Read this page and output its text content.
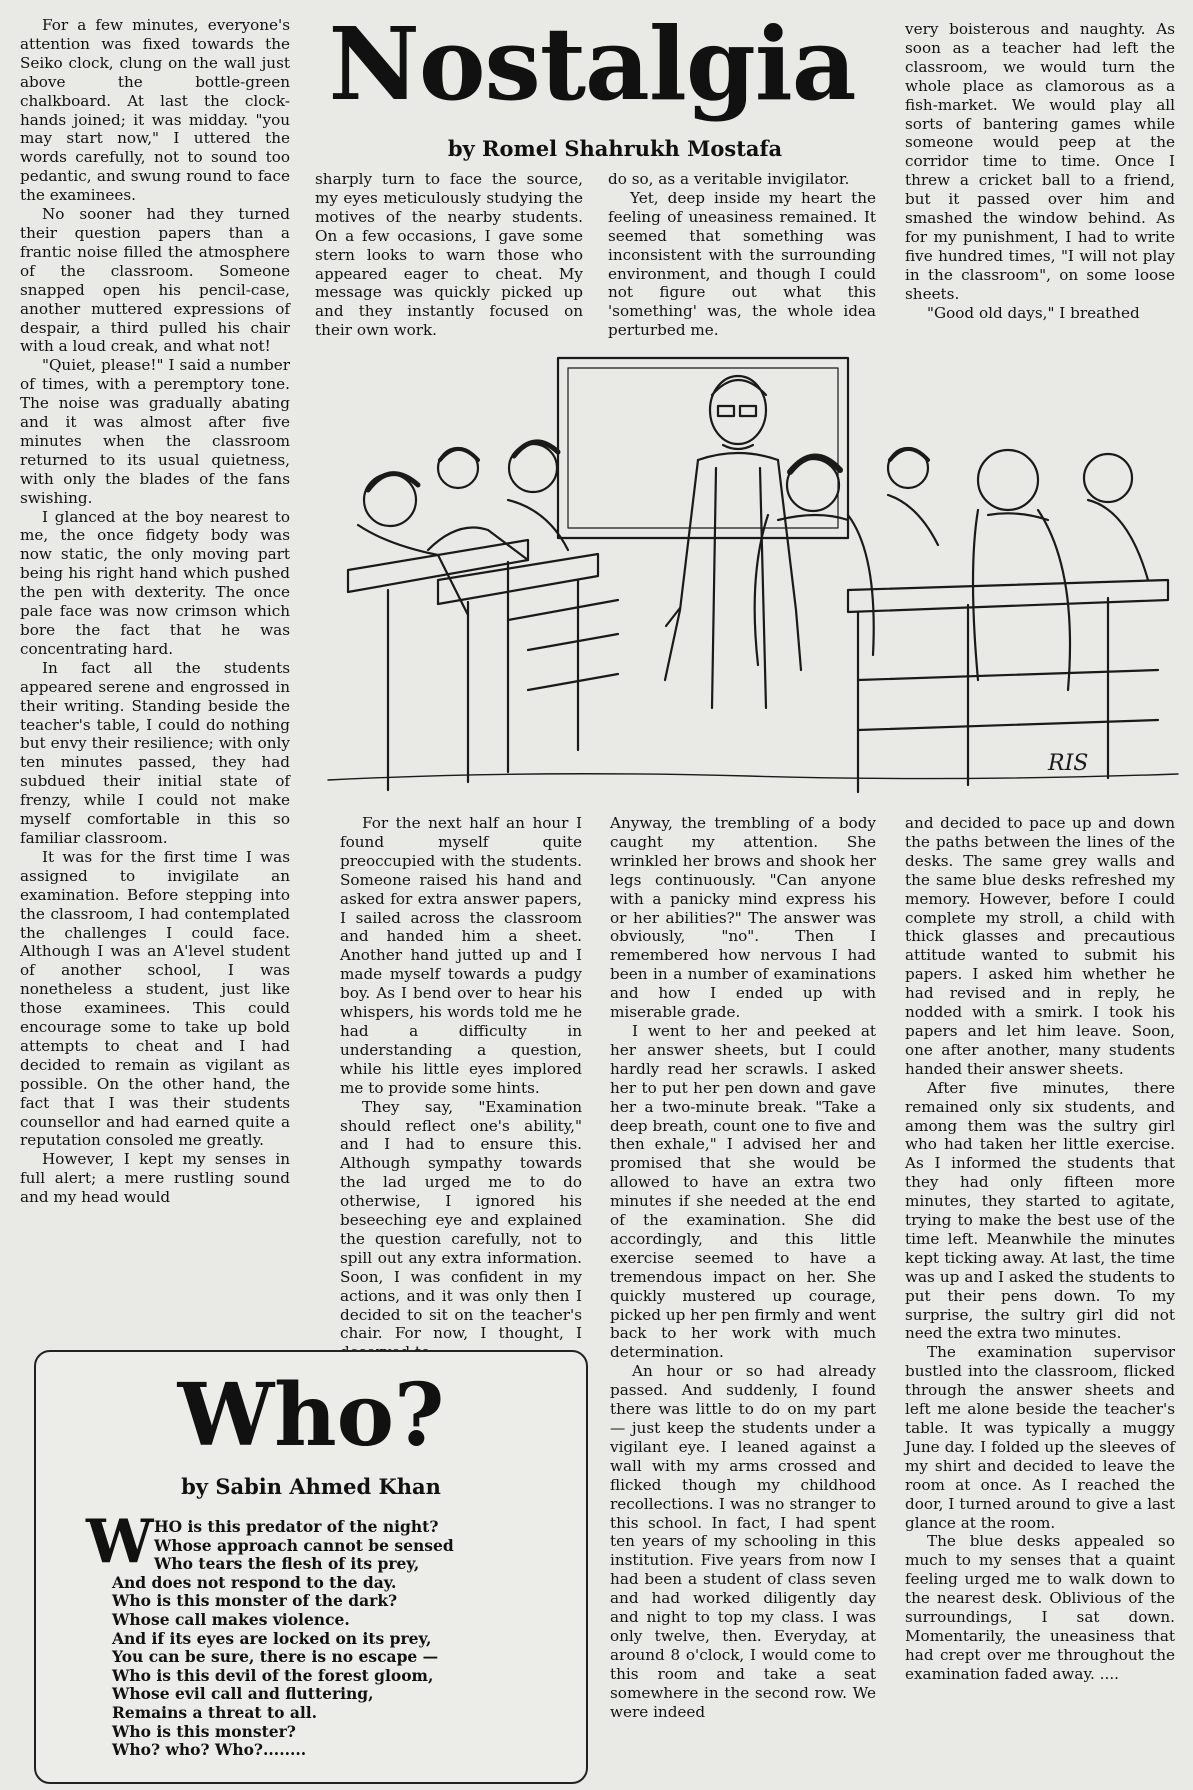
Nostalgia

by Romel Shahrukh Mostafa

For a few minutes, everyone's attention was fixed towards the Seiko clock, clung on the wall just above the bottle-green chalkboard. At last the clock-hands joined; it was midday. "you may start now," I uttered the words carefully, not to sound too pedantic, and swung round to face the examinees.

No sooner had they turned their question papers than a frantic noise filled the atmosphere of the classroom. Someone snapped open his pencil-case, another muttered expressions of despair, a third pulled his chair with a loud creak, and what not!

"Quiet, please!" I said a number of times, with a peremptory tone. The noise was gradually abating and it was almost after five minutes when the classroom returned to its usual quietness, with only the blades of the fans swishing.

I glanced at the boy nearest to me, the once fidgety body was now static, the only moving part being his right hand which pushed the pen with dexterity. The once pale face was now crimson which bore the fact that he was concentrating hard.

In fact all the students appeared serene and engrossed in their writing. Standing beside the teacher's table, I could do nothing but envy their resilience; with only ten minutes passed, they had subdued their initial state of frenzy, while I could not make myself comfortable in this so familiar classroom.

It was for the first time I was assigned to invigilate an examination. Before stepping into the classroom, I had contemplated the challenges I could face. Although I was an A'level student of another school, I was nonetheless a student, just like those examinees. This could encourage some to take up bold attempts to cheat and I had decided to remain as vigilant as possible. On the other hand, the fact that I was their students counsellor and had earned quite a reputation consoled me greatly.

However, I kept my senses in full alert; a mere rustling sound and my head would

sharply turn to face the source, my eyes meticulously studying the motives of the nearby students. On a few occasions, I gave some stern looks to warn those who appeared eager to cheat. My message was quickly picked up and they instantly focused on their own work.

do so, as a veritable invigilator.

Yet, deep inside my heart the feeling of uneasiness remained. It seemed that something was inconsistent with the surrounding environment, and though I could not figure out what this 'something' was, the whole idea perturbed me.

very boisterous and naughty. As soon as a teacher had left the classroom, we would turn the whole place as clamorous as a fish-market. We would play all sorts of bantering games while someone would peep at the corridor time to time. Once I threw a cricket ball to a friend, but it passed over him and smashed the window behind. As for my punishment, I had to write five hundred times, "I will not play in the classroom", on some loose sheets.

"Good old days," I breathed

RIS

For the next half an hour I found myself quite preoccupied with the students. Someone raised his hand and asked for extra answer papers, I sailed across the classroom and handed him a sheet. Another hand jutted up and I made myself towards a pudgy boy. As I bend over to hear his whispers, his words told me he had a difficulty in understanding a question, while his little eyes implored me to provide some hints.

They say, "Examination should reflect one's ability," and I had to ensure this. Although sympathy towards the lad urged me to do otherwise, I ignored his beseeching eye and explained the question carefully, not to spill out any extra information. Soon, I was confident in my actions, and it was only then I decided to sit on the teacher's chair. For now, I thought, I

Anyway, the trembling of a body caught my attention. She wrinkled her brows and shook her legs continuously. "Can anyone with a panicky mind express his or her abilities?" The answer was obviously, "no". Then I remembered how nervous I had been in a number of examinations and how I ended up with miserable grade.

I went to her and peeked at her answer sheets, but I could hardly read her scrawls. I asked her to put her pen down and gave her a two-minute break. "Take a deep breath, count one to five and then exhale," I advised her and promised that she would be allowed to have an extra two minutes if she needed at the end of the examination. She did accordingly, and this little exercise seemed to have a tremendous impact on her. She quickly mustered up courage, picked up her pen firmly and went back to her work with much determination.

An hour or so had already passed. And suddenly, I found there was little to do on my part — just keep the students under a vigilant eye. I leaned against a wall with my arms crossed and flicked though my childhood recollections. I was no stranger to this school. In fact, I had spent ten years of my schooling in this institution. Five years from now I had been a student of class seven and had worked diligently day and night to top my class. I was only twelve, then. Everyday, at around 8 o'clock, I would come to this room and take a seat somewhere in the second row. We were indeed

and decided to pace up and down the paths between the lines of the desks. The same grey walls and the same blue desks refreshed my memory. However, before I could complete my stroll, a child with thick glasses and precautious attitude wanted to submit his papers. I asked him whether he had revised and in reply, he nodded with a smirk. I took his papers and let him leave. Soon, one after another, many students handed their answer sheets.

After five minutes, there remained only six students, and among them was the sultry girl who had taken her little exercise. As I informed the students that they had only fifteen more minutes, they started to agitate, trying to make the best use of the time left. Meanwhile the minutes kept ticking away. At last, the time was up and I asked the students to put their pens down. To my surprise, the sultry girl did not need the extra two minutes.

The examination supervisor bustled into the classroom, flicked through the answer sheets and left me alone beside the teacher's table. It was typically a muggy June day. I folded up the sleeves of my shirt and decided to leave the room at once. As I reached the door, I turned around to give a last glance at the room.

The blue desks appealed so much to my senses that a quaint feeling urged me to walk down to the nearest desk. Oblivious of the surroundings, I sat down. Momentarily, the uneasiness that had crept over me throughout the examination faded away. ....

Who?

by Sabin Ahmed Khan

W HO is this predator of the night?
Whose approach cannot be sensed
Who tears the flesh of its prey,
And does not respond to the day.
Who is this monster of the dark?
Whose call makes violence.
And if its eyes are locked on its prey,
You can be sure, there is no escape —
Who is this devil of the forest gloom,
Whose evil call and fluttering,
Remains a threat to all.
Who is this monster?
Who? who? Who?........
